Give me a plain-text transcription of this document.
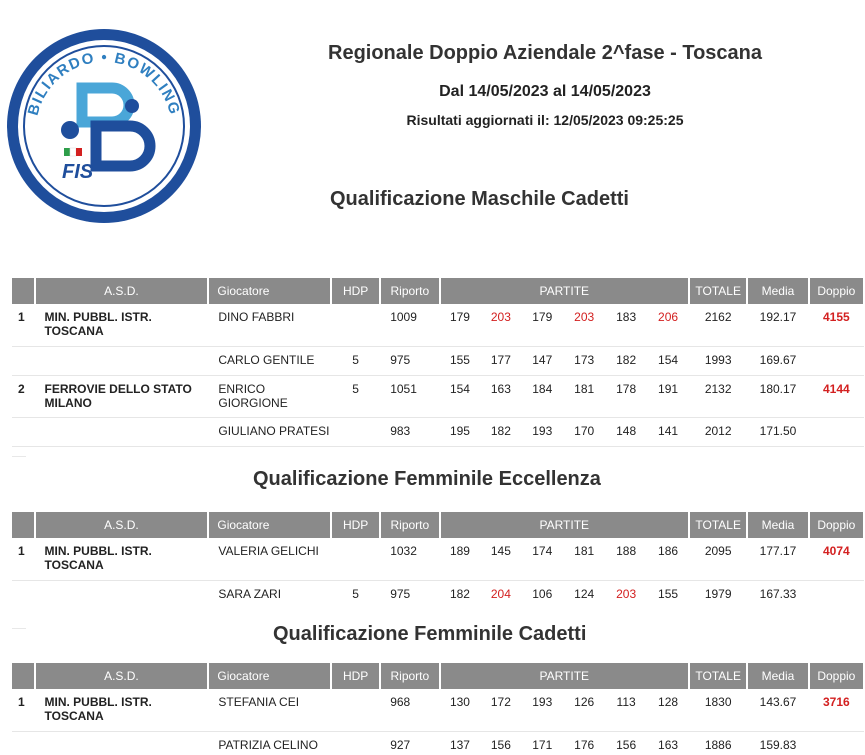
BILIARDO • BOWLING
FIS
Regionale Doppio Aziendale 2^fase - Toscana
Dal 14/05/2023 al 14/05/2023
Risultati aggiornati il: 12/05/2023 09:25:25
Qualificazione Maschile Cadetti
	A.S.D.	Giocatore	HDP	Riporto	PARTITE						TOTALE	Media	Doppio
1	MIN. PUBBL. ISTR. TOSCANA	DINO FABBRI		1009	179	203	179	203	183	206	2162	192.17	4155
		CARLO GENTILE	5	975	155	177	147	173	182	154	1993	169.67	
2	FERROVIE DELLO STATO MILANO	ENRICO GIORGIONE	5	1051	154	163	184	181	178	191	2132	180.17	4144
		GIULIANO PRATESI		983	195	182	193	170	148	141	2012	171.50	
Qualificazione Femminile Eccellenza
	A.S.D.	Giocatore	HDP	Riporto	PARTITE						TOTALE	Media	Doppio
1	MIN. PUBBL. ISTR. TOSCANA	VALERIA GELICHI		1032	189	145	174	181	188	186	2095	177.17	4074
		SARA ZARI	5	975	182	204	106	124	203	155	1979	167.33	
Qualificazione Femminile Cadetti
	A.S.D.	Giocatore	HDP	Riporto	PARTITE						TOTALE	Media	Doppio
1	MIN. PUBBL. ISTR. TOSCANA	STEFANIA CEI		968	130	172	193	126	113	128	1830	143.67	3716
		PATRIZIA CELINO		927	137	156	171	176	156	163	1886	159.83	
